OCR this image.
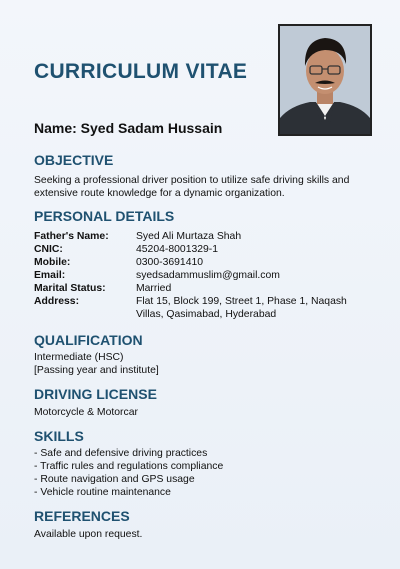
CURRICULUM VITAE
Name: Syed Sadam Hussain
OBJECTIVE
Seeking a professional driver position to utilize safe driving skills and extensive route knowledge for a dynamic organization.
PERSONAL DETAILS
Father's Name:	Syed Ali Murtaza Shah
CNIC:	45204-8001329-1
Mobile:	0300-3691410
Email:	syedsadammuslim@gmail.com
Marital Status:	Married
Address:	Flat 15, Block 199, Street 1, Phase 1, Naqash Villas, Qasimabad, Hyderabad
QUALIFICATION
Intermediate (HSC)
[Passing year and institute]
DRIVING LICENSE
Motorcycle & Motorcar
SKILLS
- Safe and defensive driving practices
- Traffic rules and regulations compliance
- Route navigation and GPS usage
- Vehicle routine maintenance
REFERENCES
Available upon request.
